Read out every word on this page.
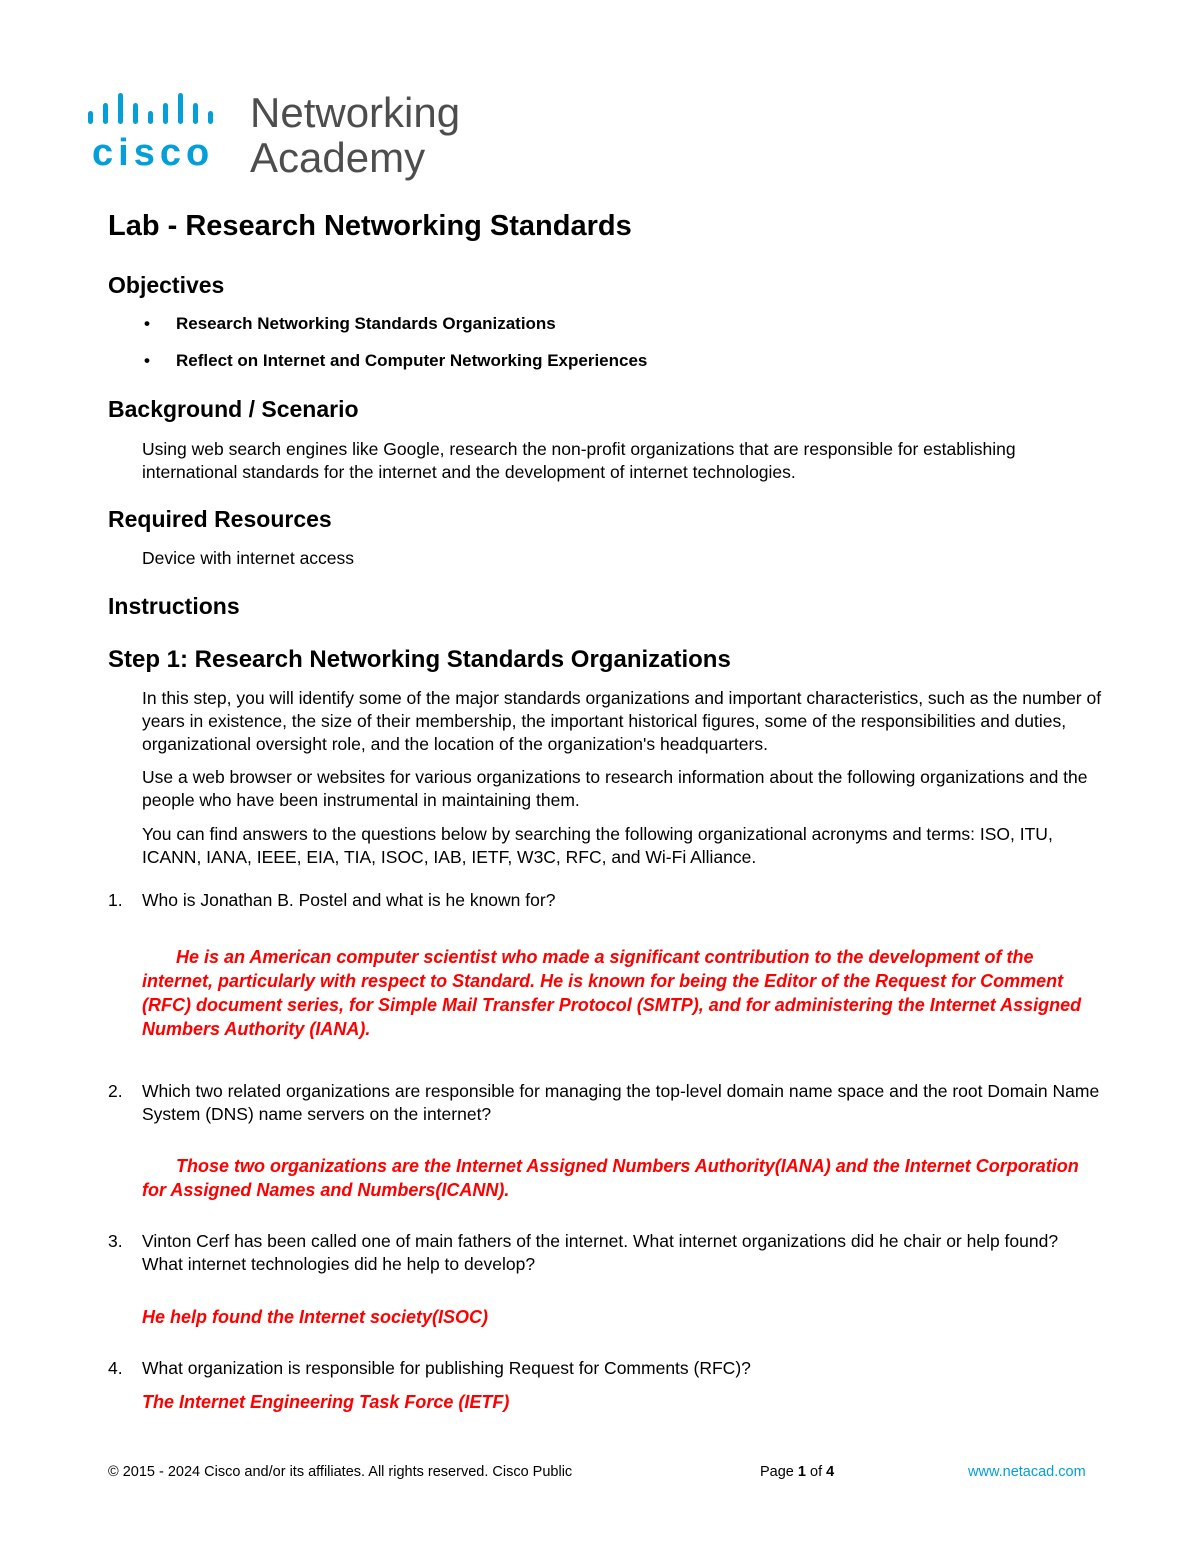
cisco
Networking
Academy
Lab - Research Networking Standards
Objectives
• Research Networking Standards Organizations
• Reflect on Internet and Computer Networking Experiences
Background / Scenario

Using web search engines like Google, research the non-profit organizations that are responsible for establishing international standards for the internet and the development of internet technologies.

Required Resources

Device with internet access

Instructions
Step 1: Research Networking Standards Organizations

In this step, you will identify some of the major standards organizations and important characteristics, such as the number of years in existence, the size of their membership, the important historical figures, some of the responsibilities and duties, organizational oversight role, and the location of the organization's headquarters.

Use a web browser or websites for various organizations to research information about the following organizations and the people who have been instrumental in maintaining them.

You can find answers to the questions below by searching the following organizational acronyms and terms: ISO, ITU, ICANN, IANA, IEEE, EIA, TIA, ISOC, IAB, IETF, W3C, RFC, and Wi-Fi Alliance.

1. Who is Jonathan B. Postel and what is he known for?

He is an American computer scientist who made a significant contribution to the development of the internet, particularly with respect to Standard. He is known for being the Editor of the Request for Comment (RFC) document series, for Simple Mail Transfer Protocol (SMTP), and for administering the Internet Assigned Numbers Authority (IANA).

2. Which two related organizations are responsible for managing the top-level domain name space and the root Domain Name System (DNS) name servers on the internet?

Those two organizations are the Internet Assigned Numbers Authority(IANA) and the Internet Corporation for Assigned Names and Numbers(ICANN).

3. Vinton Cerf has been called one of main fathers of the internet. What internet organizations did he chair or help found? What internet technologies did he help to develop?

He help found the Internet society(ISOC)

4. What organization is responsible for publishing Request for Comments (RFC)?

The Internet Engineering Task Force (IETF)

© 2015 - 2024 Cisco and/or its affiliates. All rights reserved. Cisco Public	Page 1 of 4	www.netacad.com
